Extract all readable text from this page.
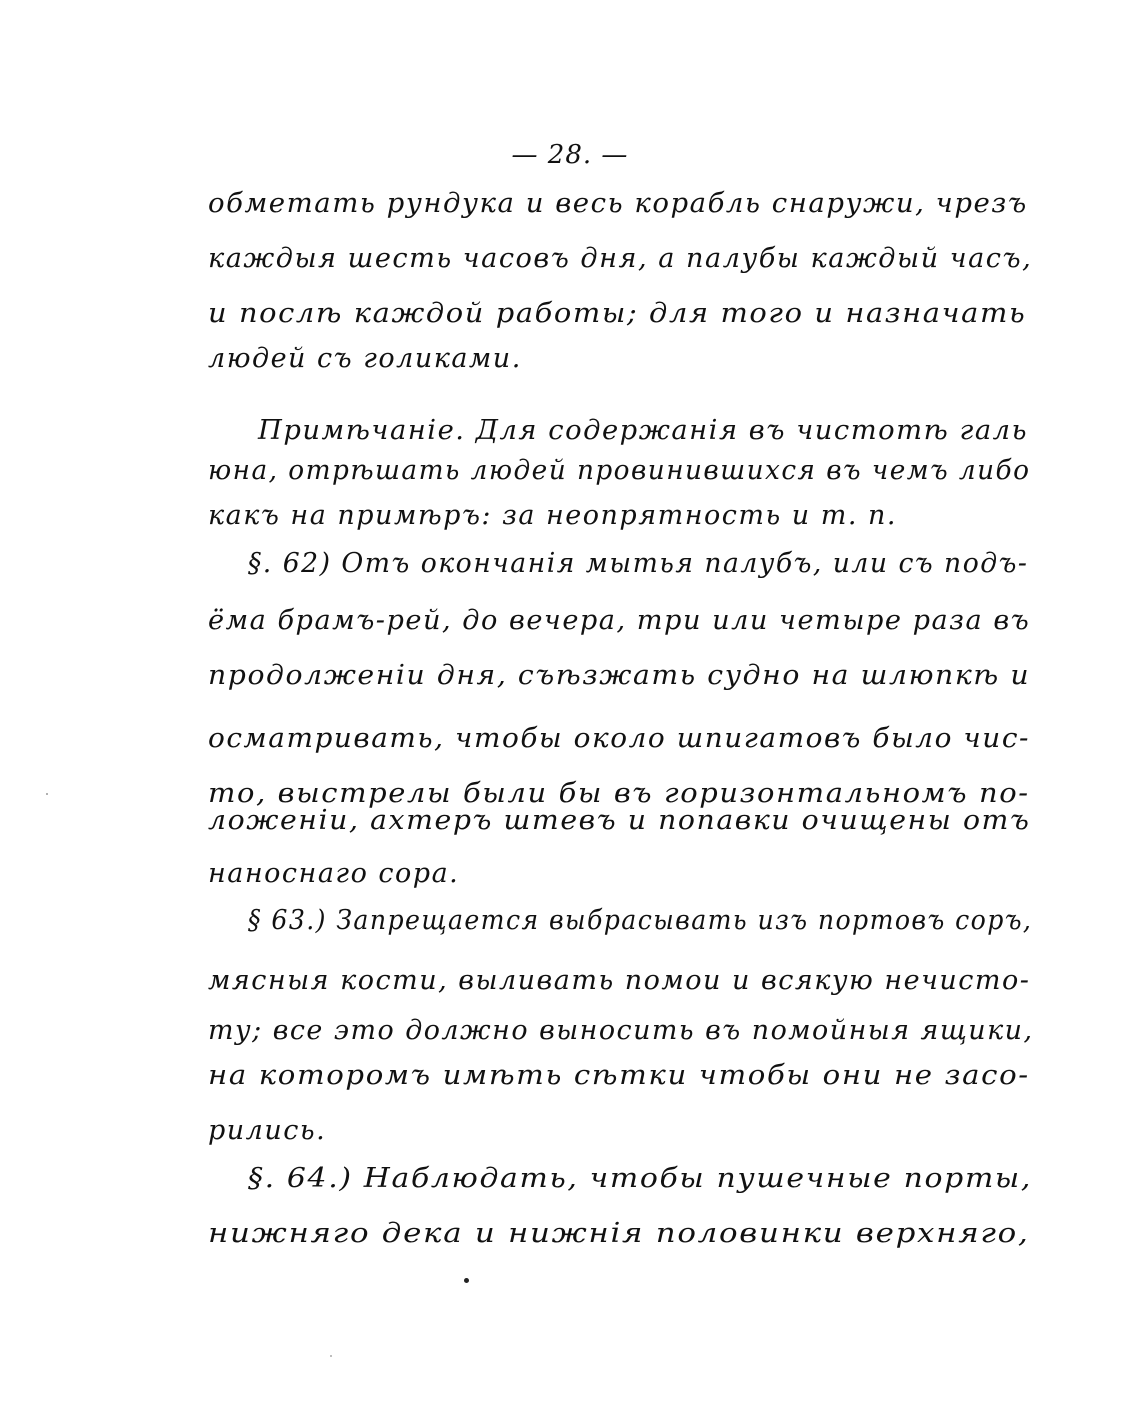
— 28. —
обметать рундука и весь корабль снаружи, чрезъ
каждыя шесть часовъ дня, а палубы каждый часъ,
и послѣ каждой работы; для того и назначать
людей съ голиками.
Примѣчаніе. Для содержанія въ чистотѣ галь
юна, отрѣшать людей провинившихся въ чемъ либо
какъ на примѣръ: за неопрятность и т. п.
§. 62) Отъ окончанія мытья палубъ, или съ подъ-
ёма брамъ-рей, до вечера, три или четыре раза въ
продолженіи дня, съѣзжать судно на шлюпкѣ и
осматривать, чтобы около шпигатовъ было чис-
то, выстрелы были бы въ горизонтальномъ по-
ложеніи, ахтеръ штевъ и попавки очищены отъ
наноснаго сора.
§ 63.) Запрещается выбрасывать изъ портовъ соръ,
мясныя кости, выливать помои и всякую нечисто-
ту; все это должно выносить въ помойныя ящики,
на которомъ имѣть сѣтки чтобы они не засо-
рились.
§. 64.) Наблюдать, чтобы пушечные порты,
нижняго дека и нижнія половинки верхняго,
